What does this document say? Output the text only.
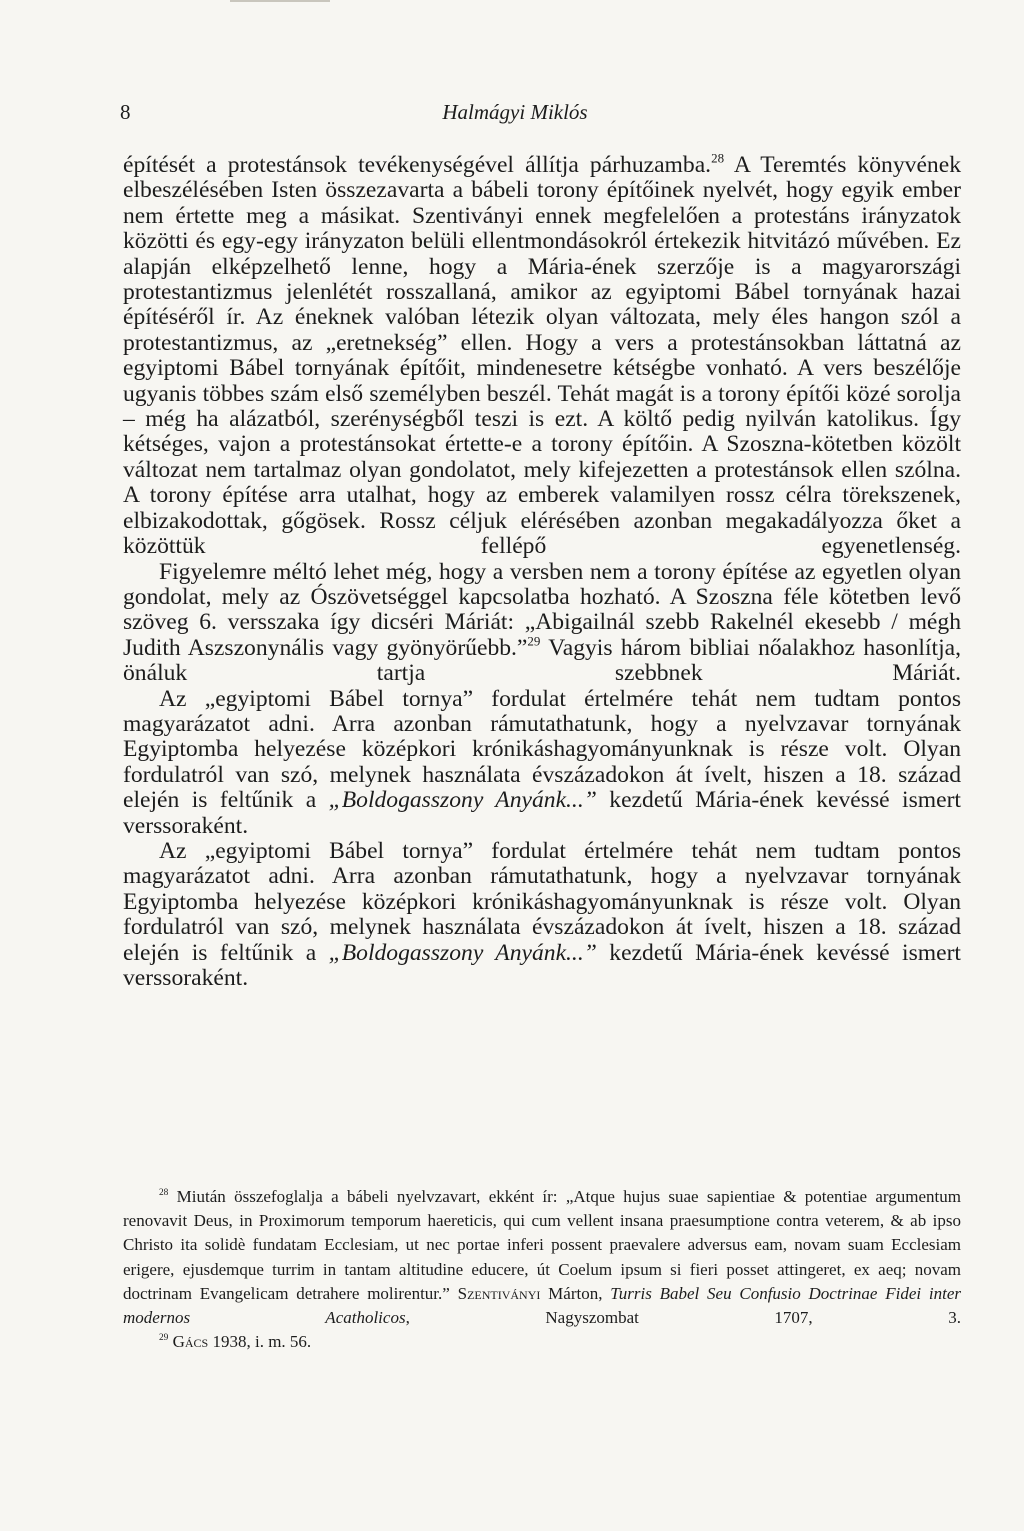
8	Halmágyi Miklós

építését a protestánsok tevékenységével állítja párhuzamba.$^{28}$ A Teremtés könyvének elbeszélésében Isten összezavarta a bábeli torony építőinek nyelvét, hogy egyik ember nem értette meg a másikat. Szentiványi ennek megfelelően a protestáns irányzatok közötti és egy-egy irányzaton belüli ellentmondásokról értekezik hitvitázó művében. Ez alapján elképzelhető lenne, hogy a Mária-ének szerzője is a magyarországi protestantizmus jelenlétét rosszallaná, amikor az egyiptomi Bábel tornyának hazai építéséről ír. Az éneknek valóban létezik olyan változata, mely éles hangon szól a protestantizmus, az „eretnekség” ellen. Hogy a vers a protestánsokban láttatná az egyiptomi Bábel tornyának építőit, mindenesetre kétségbe vonható. A vers beszélője ugyanis többes szám első személyben beszél. Tehát magát is a torony építői közé sorolja – még ha alázatból, szerénységből teszi is ezt. A költő pedig nyilván katolikus. Így kétséges, vajon a protestánsokat értette-e a torony építőin. A Szoszna-kötetben közölt változat nem tartalmaz olyan gondolatot, mely kifejezetten a protestánsok ellen szólna. A torony építése arra utalhat, hogy az emberek valamilyen rossz célra törekszenek, elbizakodottak, gőgösek. Rossz céljuk elérésében azonban megakadályozza őket a közöttük fellépő egyenetlenség.

Figyelemre méltó lehet még, hogy a versben nem a torony építése az egyetlen olyan gondolat, mely az Ószövetséggel kapcsolatba hozható. A Szoszna féle kötetben levő szöveg 6. versszaka így dicséri Máriát: „Abigailnál szebb Rakelnél ekesebb / mégh Judith Aszszonynális vagy gyönyörűebb.”$^{29}$ Vagyis három bibliai nőalakhoz hasonlítja, önáluk tartja szebbnek Máriát.

Az „egyiptomi Bábel tornya” fordulat értelmére tehát nem tudtam pontos magyarázatot adni. Arra azonban rámutathatunk, hogy a nyelvzavar tornyának Egyiptomba helyezése középkori krónikáshagyományunknak is része volt. Olyan fordulatról van szó, melynek használata évszázadokon át ívelt, hiszen a 18. század elején is feltűnik a „Boldogasszony Anyánk...” kezdetű Mária-ének kevéssé ismert verssoraként.

Az „egyiptomi Bábel tornya” fordulat értelmére tehát nem tudtam pontos magyarázatot adni. Arra azonban rámutathatunk, hogy a nyelvzavar tornyának Egyiptomba helyezése középkori krónikáshagyományunknak is része volt. Olyan fordulatról van szó, melynek használata évszázadokon át ívelt, hiszen a 18. század elején is feltűnik a „Boldogasszony Anyánk...” kezdetű Mária-ének kevéssé ismert verssoraként.

$^{28}$ Miután összefoglalja a bábeli nyelvzavart, ekként ír: „Atque hujus suae sapientiae & potentiae argumentum renovavit Deus, in Proximorum temporum haereticis, qui cum vellent insana praesumptione contra veterem, & ab ipso Christo ita solidè fundatam Ecclesiam, ut nec portae inferi possent praevalere adversus eam, novam suam Ecclesiam erigere, ejusdemque turrim in tantam altitudine educere, út Coelum ipsum si fieri posset attingeret, ex aeq; novam doctrinam Evangelicam detrahere molirentur.” Szentiványi Márton, Turris Babel Seu Confusio Doctrinae Fidei inter modernos Acatholicos, Nagyszombat 1707, 3.

$^{29}$ Gács 1938, i. m. 56.
